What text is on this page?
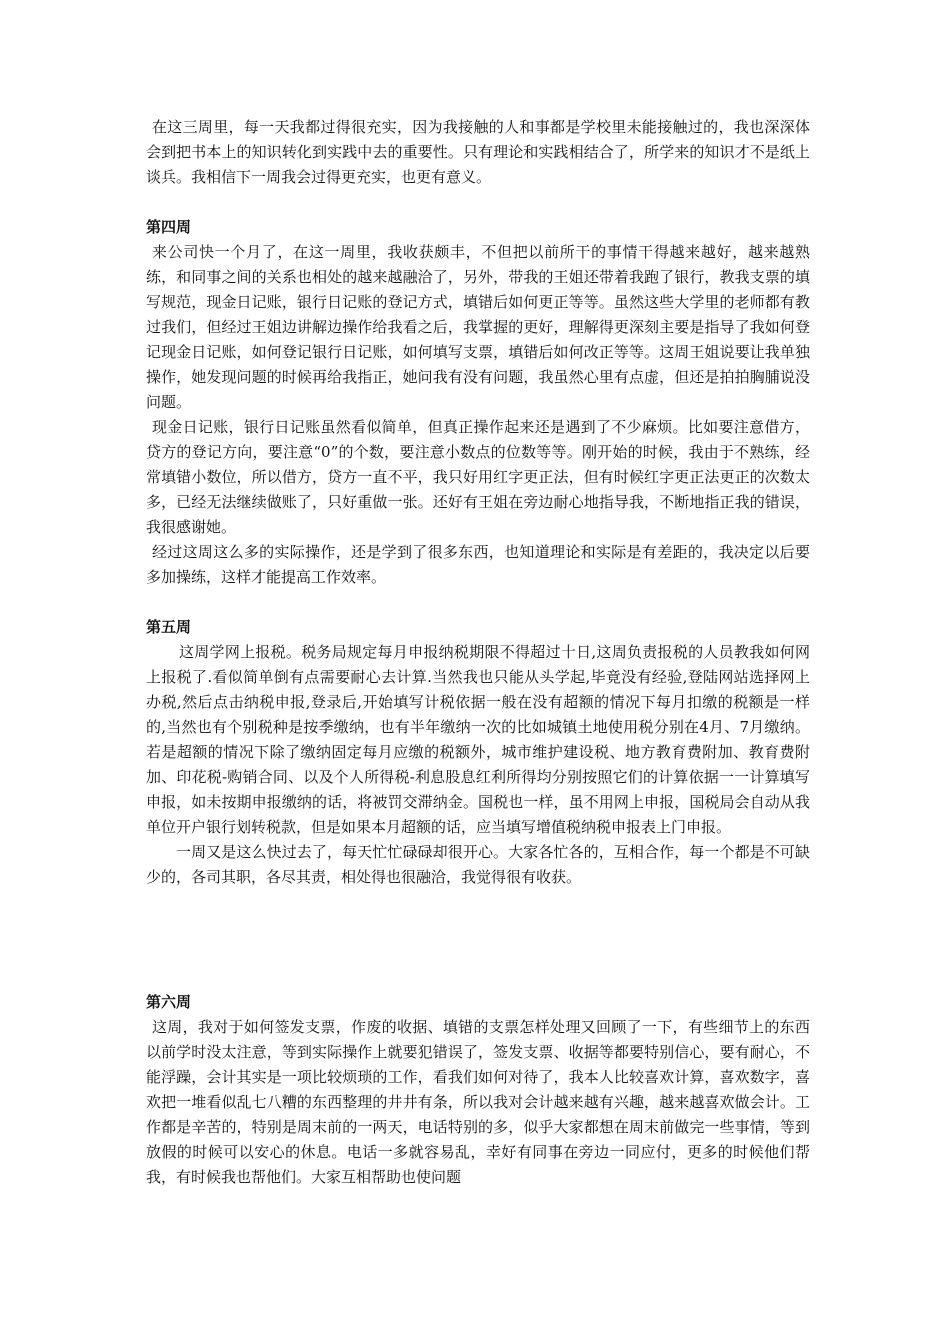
在这三周里，每一天我都过得很充实，因为我接触的人和事都是学校里未能接触过的，我也深深体会到把书本上的知识转化到实践中去的重要性。只有理论和实践相结合了，所学来的知识才不是纸上谈兵。我相信下一周我会过得更充实，也更有意义。

第四周

来公司快一个月了，在这一周里，我收获颇丰，不但把以前所干的事情干得越来越好，越来越熟练，和同事之间的关系也相处的越来越融洽了，另外，带我的王姐还带着我跑了银行，教我支票的填写规范，现金日记账，银行日记账的登记方式，填错后如何更正等等。虽然这些大学里的老师都有教过我们，但经过王姐边讲解边操作给我看之后，我掌握的更好，理解得更深刻主要是指导了我如何登记现金日记账，如何登记银行日记账，如何填写支票，填错后如何改正等等。这周王姐说要让我单独操作，她发现问题的时候再给我指正，她问我有没有问题，我虽然心里有点虚，但还是拍拍胸脯说没问题。

现金日记账，银行日记账虽然看似简单，但真正操作起来还是遇到了不少麻烦。比如要注意借方，贷方的登记方向，要注意“0”的个数，要注意小数点的位数等等。刚开始的时候，我由于不熟练，经常填错小数位，所以借方，贷方一直不平，我只好用红字更正法，但有时候红字更正法更正的次数太多，已经无法继续做账了，只好重做一张。还好有王姐在旁边耐心地指导我，不断地指正我的错误，我很感谢她。

经过这周这么多的实际操作，还是学到了很多东西，也知道理论和实际是有差距的，我决定以后要多加操练，这样才能提高工作效率。

第五周

这周学网上报税。税务局规定每月申报纳税期限不得超过十日,这周负责报税的人员教我如何网上报税了.看似简单倒有点需要耐心去计算.当然我也只能从头学起,毕竟没有经验,登陆网站选择网上办税,然后点击纳税申报,登录后,开始填写计税依据一般在没有超额的情况下每月扣缴的税额是一样的,当然也有个别税种是按季缴纳，也有半年缴纳一次的比如城镇土地使用税分别在4月、7月缴纳。若是超额的情况下除了缴纳固定每月应缴的税额外，城市维护建设税、地方教育费附加、教育费附加、印花税-购销合同、以及个人所得税-利息股息红利所得均分别按照它们的计算依据一一计算填写申报，如未按期申报缴纳的话，将被罚交滞纳金。国税也一样，虽不用网上申报，国税局会自动从我单位开户银行划转税款，但是如果本月超额的话，应当填写增值税纳税申报表上门申报。

一周又是这么快过去了，每天忙忙碌碌却很开心。大家各忙各的，互相合作，每一个都是不可缺少的，各司其职，各尽其责，相处得也很融洽，我觉得很有收获。

第六周

这周，我对于如何签发支票，作废的收据、填错的支票怎样处理又回顾了一下，有些细节上的东西以前学时没太注意，等到实际操作上就要犯错误了，签发支票、收据等都要特别信心，要有耐心，不能浮躁，会计其实是一项比较烦琐的工作，看我们如何对待了，我本人比较喜欢计算，喜欢数字，喜欢把一堆看似乱七八糟的东西整理的井井有条，所以我对会计越来越有兴趣，越来越喜欢做会计。工作都是辛苦的，特别是周末前的一两天，电话特别的多，似乎大家都想在周末前做完一些事情，等到放假的时候可以安心的休息。电话一多就容易乱，幸好有同事在旁边一同应付，更多的时候他们帮我，有时候我也帮他们。大家互相帮助也使问题
